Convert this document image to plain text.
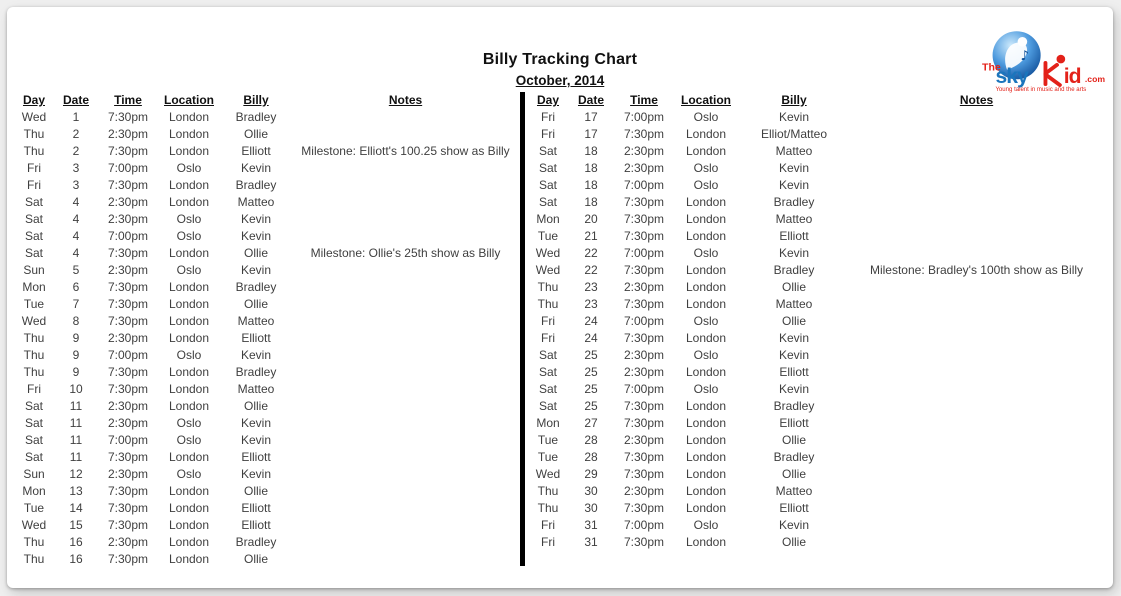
Billy Tracking Chart
October, 2014
♪
The
sky id .com
Young talent in music and the arts
Day	Date	Time	Location	Billy	Notes
Wed	1	7:30pm	London	Bradley
Thu	2	2:30pm	London	Ollie
Thu	2	7:30pm	London	Elliott	Milestone: Elliott's 100.25 show as Billy
Fri	3	7:00pm	Oslo	Kevin
Fri	3	7:30pm	London	Bradley
Sat	4	2:30pm	London	Matteo
Sat	4	2:30pm	Oslo	Kevin
Sat	4	7:00pm	Oslo	Kevin
Sat	4	7:30pm	London	Ollie	Milestone: Ollie's 25th show as Billy
Sun	5	2:30pm	Oslo	Kevin
Mon	6	7:30pm	London	Bradley
Tue	7	7:30pm	London	Ollie
Wed	8	7:30pm	London	Matteo
Thu	9	2:30pm	London	Elliott
Thu	9	7:00pm	Oslo	Kevin
Thu	9	7:30pm	London	Bradley
Fri	10	7:30pm	London	Matteo
Sat	11	2:30pm	London	Ollie
Sat	11	2:30pm	Oslo	Kevin
Sat	11	7:00pm	Oslo	Kevin
Sat	11	7:30pm	London	Elliott
Sun	12	2:30pm	Oslo	Kevin
Mon	13	7:30pm	London	Ollie
Tue	14	7:30pm	London	Elliott
Wed	15	7:30pm	London	Elliott
Thu	16	2:30pm	London	Bradley
Thu	16	7:30pm	London	Ollie
Day	Date	Time	Location	Billy	Notes
Fri	17	7:00pm	Oslo	Kevin
Fri	17	7:30pm	London	Elliot/Matteo
Sat	18	2:30pm	London	Matteo
Sat	18	2:30pm	Oslo	Kevin
Sat	18	7:00pm	Oslo	Kevin
Sat	18	7:30pm	London	Bradley
Mon	20	7:30pm	London	Matteo
Tue	21	7:30pm	London	Elliott
Wed	22	7:00pm	Oslo	Kevin
Wed	22	7:30pm	London	Bradley	Milestone: Bradley's 100th show as Billy
Thu	23	2:30pm	London	Ollie
Thu	23	7:30pm	London	Matteo
Fri	24	7:00pm	Oslo	Ollie
Fri	24	7:30pm	London	Kevin
Sat	25	2:30pm	Oslo	Kevin
Sat	25	2:30pm	London	Elliott
Sat	25	7:00pm	Oslo	Kevin
Sat	25	7:30pm	London	Bradley
Mon	27	7:30pm	London	Elliott
Tue	28	2:30pm	London	Ollie
Tue	28	7:30pm	London	Bradley
Wed	29	7:30pm	London	Ollie
Thu	30	2:30pm	London	Matteo
Thu	30	7:30pm	London	Elliott
Fri	31	7:00pm	Oslo	Kevin
Fri	31	7:30pm	London	Ollie
